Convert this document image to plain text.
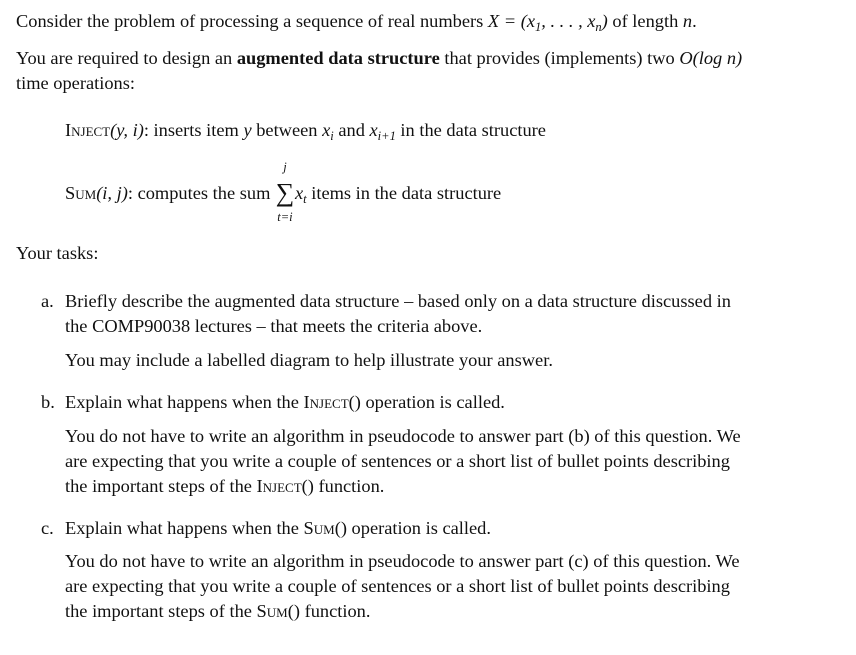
Consider the problem of processing a sequence of real numbers $X = (x_1$, . . . , $x_n$) of length n.
You are required to design an augmented data structure that provides (implements) two O(log n)
time operations:
Inject(y, i): inserts item y between $x_i$ and $x_{i+1}$ in the data structure
Sum(i, j): computes the sum
j
∑
t=i
$x_t$ items in the data structure
Your tasks:
a. Briefly describe the augmented data structure – based only on a data structure discussed in
the COMP90038 lectures – that meets the criteria above.
You may include a labelled diagram to help illustrate your answer.
b. Explain what happens when the Inject() operation is called.
You do not have to write an algorithm in pseudocode to answer part (b) of this question. We
are expecting that you write a couple of sentences or a short list of bullet points describing
the important steps of the Inject() function.
c. Explain what happens when the Sum() operation is called.
You do not have to write an algorithm in pseudocode to answer part (c) of this question. We
are expecting that you write a couple of sentences or a short list of bullet points describing
the important steps of the Sum() function.
